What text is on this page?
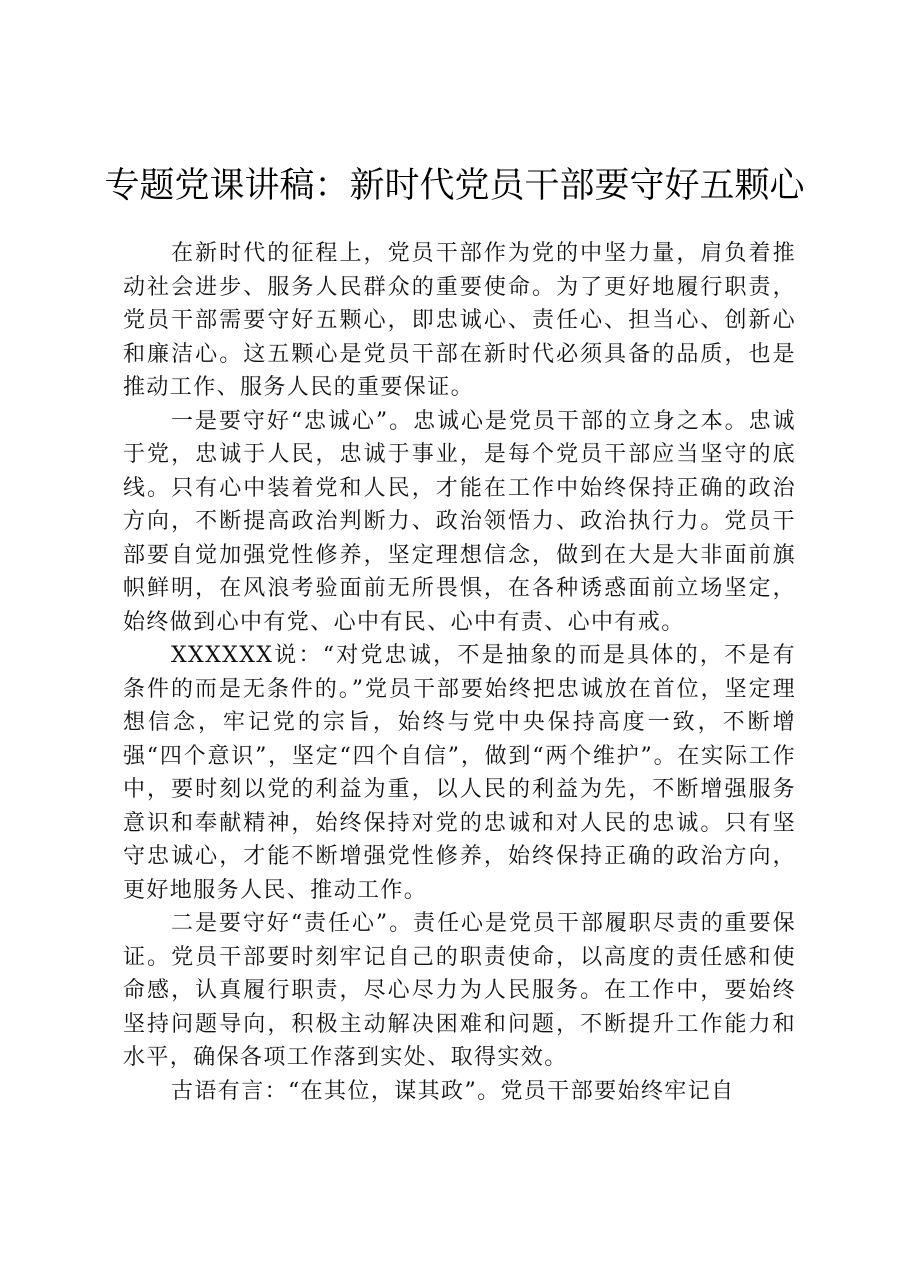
专题党课讲稿：新时代党员干部要守好五颗心

在新时代的征程上，党员干部作为党的中坚力量，肩负着推动社会进步、服务人民群众的重要使命。为了更好地履行职责，党员干部需要守好五颗心，即忠诚心、责任心、担当心、创新心和廉洁心。这五颗心是党员干部在新时代必须具备的品质，也是推动工作、服务人民的重要保证。

一是要守好“忠诚心”。忠诚心是党员干部的立身之本。忠诚于党，忠诚于人民，忠诚于事业，是每个党员干部应当坚守的底线。只有心中装着党和人民，才能在工作中始终保持正确的政治方向，不断提高政治判断力、政治领悟力、政治执行力。党员干部要自觉加强党性修养，坚定理想信念，做到在大是大非面前旗帜鲜明，在风浪考验面前无所畏惧，在各种诱惑面前立场坚定，始终做到心中有党、心中有民、心中有责、心中有戒。

XXXXXX说：“对党忠诚，不是抽象的而是具体的，不是有条件的而是无条件的。”党员干部要始终把忠诚放在首位，坚定理想信念，牢记党的宗旨，始终与党中央保持高度一致，不断增强“四个意识”，坚定“四个自信”，做到“两个维护”。在实际工作中，要时刻以党的利益为重，以人民的利益为先，不断增强服务意识和奉献精神，始终保持对党的忠诚和对人民的忠诚。只有坚守忠诚心，才能不断增强党性修养，始终保持正确的政治方向，更好地服务人民、推动工作。

二是要守好“责任心”。责任心是党员干部履职尽责的重要保证。党员干部要时刻牢记自己的职责使命，以高度的责任感和使命感，认真履行职责，尽心尽力为人民服务。在工作中，要始终坚持问题导向，积极主动解决困难和问题，不断提升工作能力和水平，确保各项工作落到实处、取得实效。

古语有言：“在其位，谋其政”。党员干部要始终牢记自
